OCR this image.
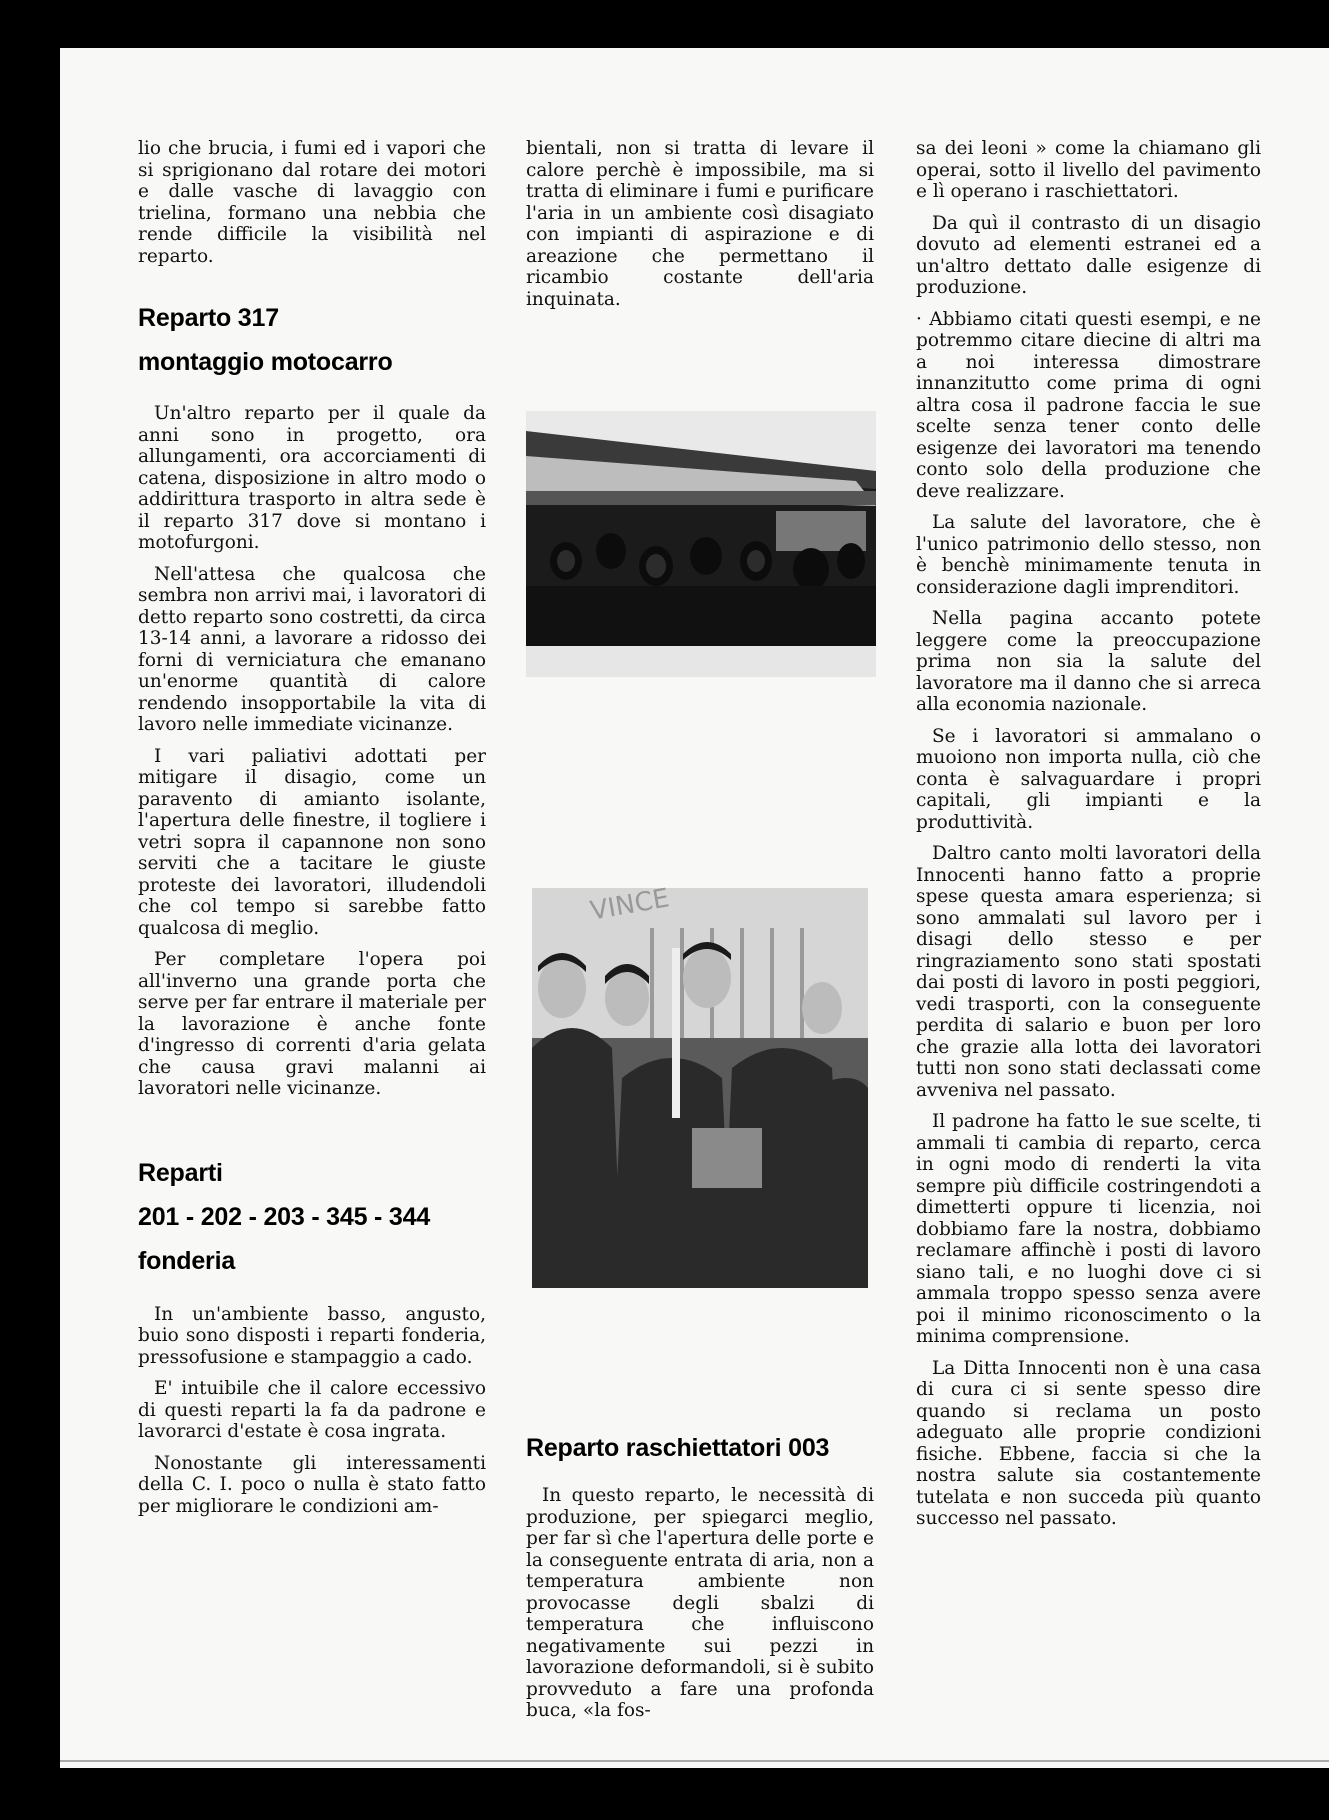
lio che brucia, i fumi ed i vapori che si sprigionano dal rotare dei motori e dalle vasche di lavaggio con trielina, formano una nebbia che rende difficile la visibilità nel reparto.

Reparto 317
montaggio motocarro

Un'altro reparto per il quale da anni sono in progetto, ora allungamenti, ora accorciamenti di catena, disposizione in altro modo o addirittura trasporto in altra sede è il reparto 317 dove si montano i motofurgoni.

Nell'attesa che qualcosa che sembra non arrivi mai, i lavoratori di detto reparto sono costretti, da circa 13-14 anni, a lavorare a ridosso dei forni di verniciatura che emanano un'enorme quantità di calore rendendo insopportabile la vita di lavoro nelle immediate vicinanze.

I vari paliativi adottati per mitigare il disagio, come un paravento di amianto isolante, l'apertura delle finestre, il togliere i vetri sopra il capannone non sono serviti che a tacitare le giuste proteste dei lavoratori, illudendoli che col tempo si sarebbe fatto qualcosa di meglio.

Per completare l'opera poi all'inverno una grande porta che serve per far entrare il materiale per la lavorazione è anche fonte d'ingresso di correnti d'aria gelata che causa gravi malanni ai lavoratori nelle vicinanze.

Reparti
201 - 202 - 203 - 345 - 344
fonderia

In un'ambiente basso, angusto, buio sono disposti i reparti fonderia, pressofusione e stampaggio a cado.

E' intuibile che il calore eccessivo di questi reparti la fa da padrone e lavorarci d'estate è cosa ingrata.

Nonostante gli interessamenti della C. I. poco o nulla è stato fatto per migliorare le condizioni am-

bientali, non si tratta di levare il calore perchè è impossibile, ma si tratta di eliminare i fumi e purificare l'aria in un ambiente così disagiato con impianti di aspirazione e di areazione che permettano il ricambio costante dell'aria inquinata.

VINCE
Reparto raschiettatori 003

In questo reparto, le necessità di produzione, per spiegarci meglio, per far sì che l'apertura delle porte e la conseguente entrata di aria, non a temperatura ambiente non provocasse degli sbalzi di temperatura che influiscono negativamente sui pezzi in lavorazione deformandoli, si è subito provveduto a fare una profonda buca, «la fos-

sa dei leoni » come la chiamano gli operai, sotto il livello del pavimento e lì operano i raschiettatori.

Da quì il contrasto di un disagio dovuto ad elementi estranei ed a un'altro dettato dalle esigenze di produzione.

· Abbiamo citati questi esempi, e ne potremmo citare diecine di altri ma a noi interessa dimostrare innanzitutto come prima di ogni altra cosa il padrone faccia le sue scelte senza tener conto delle esigenze dei lavoratori ma tenendo conto solo della produzione che deve realizzare.

La salute del lavoratore, che è l'unico patrimonio dello stesso, non è benchè minimamente tenuta in considerazione dagli imprenditori.

Nella pagina accanto potete leggere come la preoccupazione prima non sia la salute del lavoratore ma il danno che si arreca alla economia nazionale.

Se i lavoratori si ammalano o muoiono non importa nulla, ciò che conta è salvaguardare i propri capitali, gli impianti e la produttività.

Daltro canto molti lavoratori della Innocenti hanno fatto a proprie spese questa amara esperienza; si sono ammalati sul lavoro per i disagi dello stesso e per ringraziamento sono stati spostati dai posti di lavoro in posti peggiori, vedi trasporti, con la conseguente perdita di salario e buon per loro che grazie alla lotta dei lavoratori tutti non sono stati declassati come avveniva nel passato.

Il padrone ha fatto le sue scelte, ti ammali ti cambia di reparto, cerca in ogni modo di renderti la vita sempre più difficile costringendoti a dimetterti oppure ti licenzia, noi dobbiamo fare la nostra, dobbiamo reclamare affinchè i posti di lavoro siano tali, e no luoghi dove ci si ammala troppo spesso senza avere poi il minimo riconoscimento o la minima comprensione.

La Ditta Innocenti non è una casa di cura ci si sente spesso dire quando si reclama un posto adeguato alle proprie condizioni fisiche. Ebbene, faccia si che la nostra salute sia costantemente tutelata e non succeda più quanto successo nel passato.
